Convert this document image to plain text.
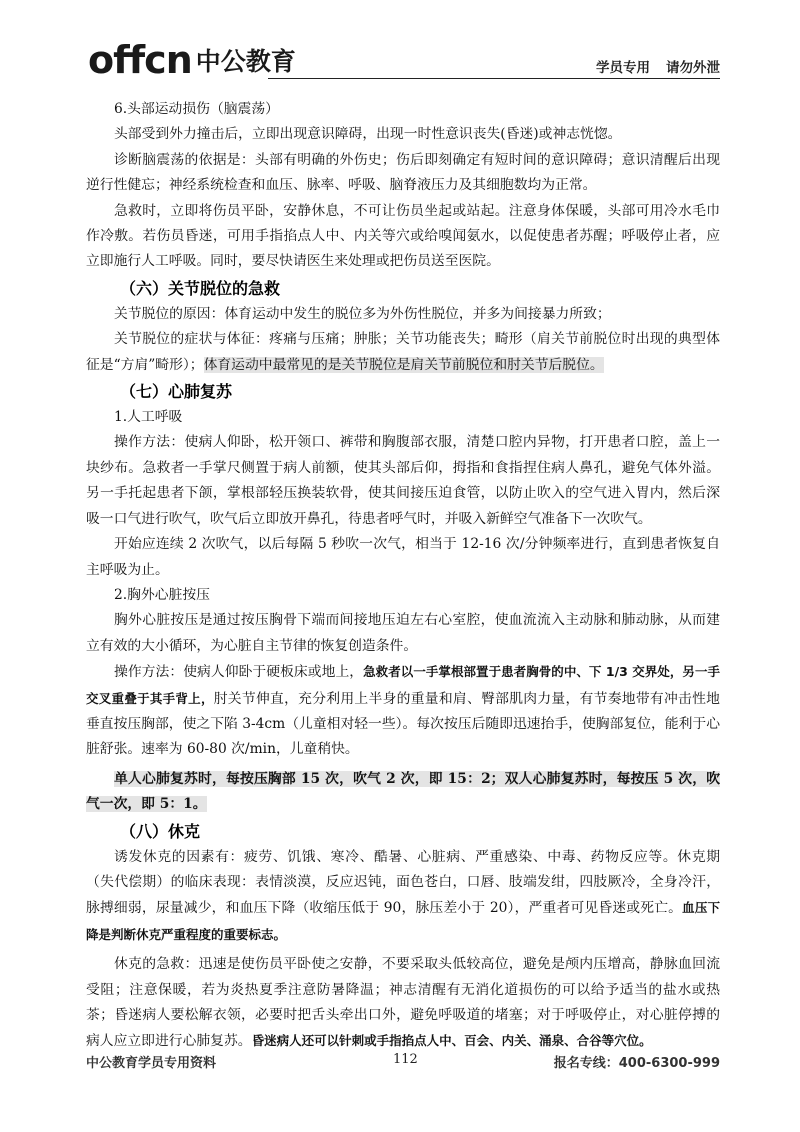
offcn 中公教育	学员专用 请勿外泄

6.头部运动损伤（脑震荡）

头部受到外力撞击后，立即出现意识障碍，出现一时性意识丧失(昏迷)或神志恍惚。

诊断脑震荡的依据是：头部有明确的外伤史；伤后即刻确定有短时间的意识障碍；意识清醒后出现逆行性健忘；神经系统检查和血压、脉率、呼吸、脑脊液压力及其细胞数均为正常。

急救时，立即将伤员平卧，安静休息，不可让伤员坐起或站起。注意身体保暖，头部可用冷水毛巾作冷敷。若伤员昏迷，可用手指掐点人中、内关等穴或给嗅闻氨水，以促使患者苏醒；呼吸停止者，应立即施行人工呼吸。同时，要尽快请医生来处理或把伤员送至医院。

（六）关节脱位的急救

关节脱位的原因：体育运动中发生的脱位多为外伤性脱位，并多为间接暴力所致；

关节脱位的症状与体征：疼痛与压痛；肿胀；关节功能丧失；畸形（肩关节前脱位时出现的典型体征是“方肩”畸形）；体育运动中最常见的是关节脱位是肩关节前脱位和肘关节后脱位。

（七）心肺复苏

1.人工呼吸

操作方法：使病人仰卧，松开领口、裤带和胸腹部衣服，清楚口腔内异物，打开患者口腔，盖上一块纱布。急救者一手掌尺侧置于病人前额，使其头部后仰，拇指和食指捏住病人鼻孔，避免气体外溢。另一手托起患者下颌，掌根部轻压换装软骨，使其间接压迫食管，以防止吹入的空气进入胃内，然后深吸一口气进行吹气，吹气后立即放开鼻孔，待患者呼气时，并吸入新鲜空气准备下一次吹气。

开始应连续 2 次吹气，以后每隔 5 秒吹一次气，相当于 12-16 次/分钟频率进行，直到患者恢复自主呼吸为止。

2.胸外心脏按压

胸外心脏按压是通过按压胸骨下端而间接地压迫左右心室腔，使血流流入主动脉和肺动脉，从而建立有效的大小循环，为心脏自主节律的恢复创造条件。

操作方法：使病人仰卧于硬板床或地上，急救者以一手掌根部置于患者胸骨的中、下 1/3 交界处，另一手交叉重叠于其手背上，肘关节伸直，充分利用上半身的重量和肩、臀部肌肉力量，有节奏地带有冲击性地垂直按压胸部，使之下陷 3-4cm（儿童相对轻一些）。每次按压后随即迅速抬手，使胸部复位，能利于心脏舒张。速率为 60-80 次/min，儿童稍快。

单人心肺复苏时，每按压胸部 15 次，吹气 2 次，即 15：2；双人心肺复苏时，每按压 5 次，吹气一次，即 5：1。

（八）休克

诱发休克的因素有：疲劳、饥饿、寒冷、酷暑、心脏病、严重感染、中毒、药物反应等。休克期（失代偿期）的临床表现：表情淡漠，反应迟钝，面色苍白，口唇、肢端发绀，四肢厥冷，全身冷汗，脉搏细弱，尿量减少，和血压下降（收缩压低于 90，脉压差小于 20），严重者可见昏迷或死亡。血压下降是判断休克严重程度的重要标志。

休克的急救：迅速是使伤员平卧使之安静，不要采取头低较高位，避免是颅内压增高，静脉血回流受阻；注意保暖，若为炎热夏季注意防暑降温；神志清醒有无消化道损伤的可以给予适当的盐水或热茶；昏迷病人要松解衣领，必要时把舌头牵出口外，避免呼吸道的堵塞；对于呼吸停止，对心脏停搏的病人应立即进行心肺复苏。昏迷病人还可以针刺或手指掐点人中、百会、内关、涌泉、合谷等穴位。

中公教育学员专用资料	112	报名专线：400-6300-999
